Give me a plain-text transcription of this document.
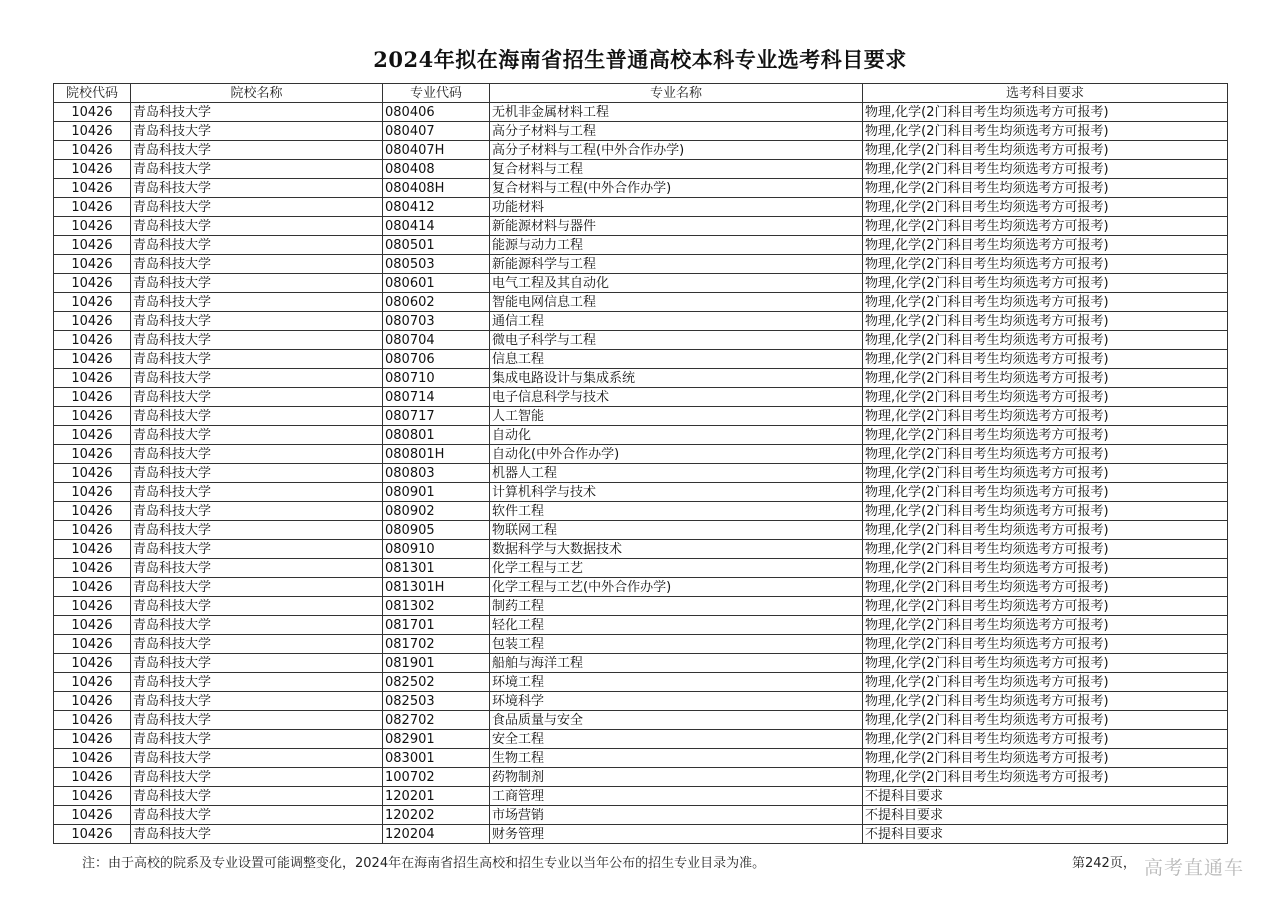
2024年拟在海南省招生普通高校本科专业选考科目要求
院校代码	院校名称	专业代码	专业名称	选考科目要求
10426	青岛科技大学	080406	无机非金属材料工程	物理,化学(2门科目考生均须选考方可报考)
10426	青岛科技大学	080407	高分子材料与工程	物理,化学(2门科目考生均须选考方可报考)
10426	青岛科技大学	080407H	高分子材料与工程(中外合作办学)	物理,化学(2门科目考生均须选考方可报考)
10426	青岛科技大学	080408	复合材料与工程	物理,化学(2门科目考生均须选考方可报考)
10426	青岛科技大学	080408H	复合材料与工程(中外合作办学)	物理,化学(2门科目考生均须选考方可报考)
10426	青岛科技大学	080412	功能材料	物理,化学(2门科目考生均须选考方可报考)
10426	青岛科技大学	080414	新能源材料与器件	物理,化学(2门科目考生均须选考方可报考)
10426	青岛科技大学	080501	能源与动力工程	物理,化学(2门科目考生均须选考方可报考)
10426	青岛科技大学	080503	新能源科学与工程	物理,化学(2门科目考生均须选考方可报考)
10426	青岛科技大学	080601	电气工程及其自动化	物理,化学(2门科目考生均须选考方可报考)
10426	青岛科技大学	080602	智能电网信息工程	物理,化学(2门科目考生均须选考方可报考)
10426	青岛科技大学	080703	通信工程	物理,化学(2门科目考生均须选考方可报考)
10426	青岛科技大学	080704	微电子科学与工程	物理,化学(2门科目考生均须选考方可报考)
10426	青岛科技大学	080706	信息工程	物理,化学(2门科目考生均须选考方可报考)
10426	青岛科技大学	080710	集成电路设计与集成系统	物理,化学(2门科目考生均须选考方可报考)
10426	青岛科技大学	080714	电子信息科学与技术	物理,化学(2门科目考生均须选考方可报考)
10426	青岛科技大学	080717	人工智能	物理,化学(2门科目考生均须选考方可报考)
10426	青岛科技大学	080801	自动化	物理,化学(2门科目考生均须选考方可报考)
10426	青岛科技大学	080801H	自动化(中外合作办学)	物理,化学(2门科目考生均须选考方可报考)
10426	青岛科技大学	080803	机器人工程	物理,化学(2门科目考生均须选考方可报考)
10426	青岛科技大学	080901	计算机科学与技术	物理,化学(2门科目考生均须选考方可报考)
10426	青岛科技大学	080902	软件工程	物理,化学(2门科目考生均须选考方可报考)
10426	青岛科技大学	080905	物联网工程	物理,化学(2门科目考生均须选考方可报考)
10426	青岛科技大学	080910	数据科学与大数据技术	物理,化学(2门科目考生均须选考方可报考)
10426	青岛科技大学	081301	化学工程与工艺	物理,化学(2门科目考生均须选考方可报考)
10426	青岛科技大学	081301H	化学工程与工艺(中外合作办学)	物理,化学(2门科目考生均须选考方可报考)
10426	青岛科技大学	081302	制药工程	物理,化学(2门科目考生均须选考方可报考)
10426	青岛科技大学	081701	轻化工程	物理,化学(2门科目考生均须选考方可报考)
10426	青岛科技大学	081702	包装工程	物理,化学(2门科目考生均须选考方可报考)
10426	青岛科技大学	081901	船舶与海洋工程	物理,化学(2门科目考生均须选考方可报考)
10426	青岛科技大学	082502	环境工程	物理,化学(2门科目考生均须选考方可报考)
10426	青岛科技大学	082503	环境科学	物理,化学(2门科目考生均须选考方可报考)
10426	青岛科技大学	082702	食品质量与安全	物理,化学(2门科目考生均须选考方可报考)
10426	青岛科技大学	082901	安全工程	物理,化学(2门科目考生均须选考方可报考)
10426	青岛科技大学	083001	生物工程	物理,化学(2门科目考生均须选考方可报考)
10426	青岛科技大学	100702	药物制剂	物理,化学(2门科目考生均须选考方可报考)
10426	青岛科技大学	120201	工商管理	不提科目要求
10426	青岛科技大学	120202	市场营销	不提科目要求
10426	青岛科技大学	120204	财务管理	不提科目要求
注：由于高校的院系及专业设置可能调整变化，2024年在海南省招生高校和招生专业以当年公布的招生专业目录为准。	第242页， 高考直通车
